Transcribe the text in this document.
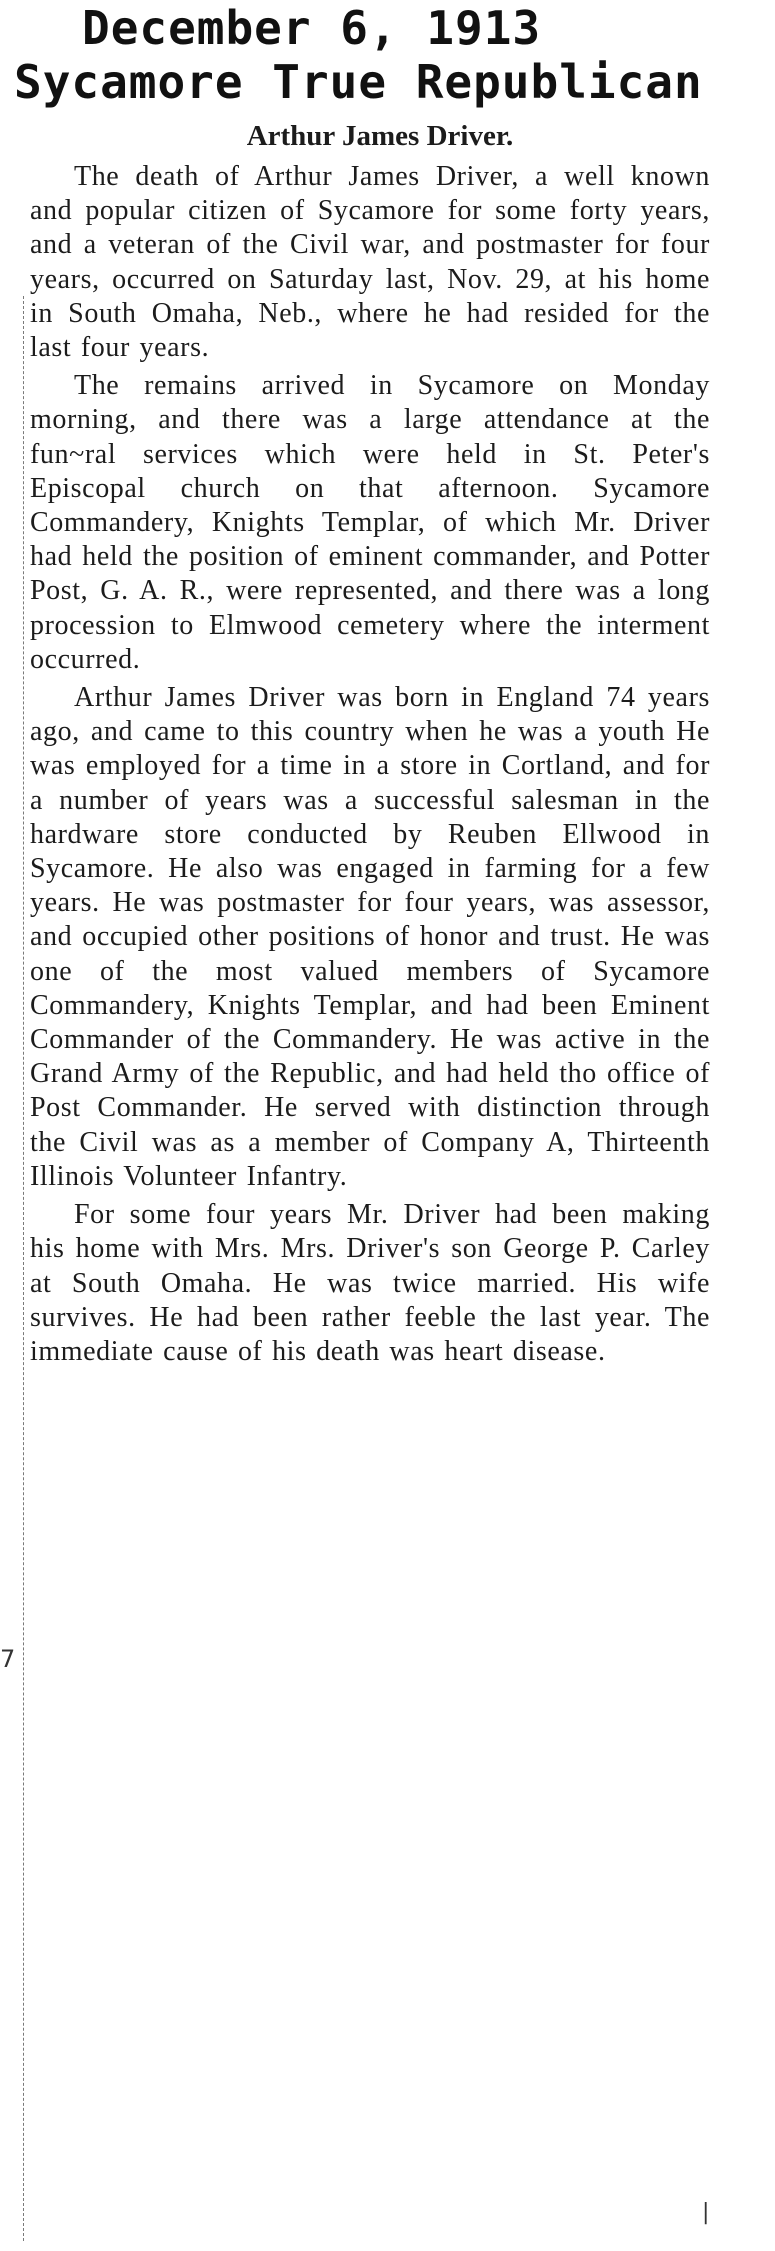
December 6, 1913
Sycamore True Republican
7
|
Arthur James Driver.

The death of Arthur James Driver, a well known and popular citizen of Sycamore for some forty years, and a veteran of the Civil war, and postmaster for four years, occurred on Saturday last, Nov. 29, at his home in South Omaha, Neb., where he had resided for the last four years.

The remains arrived in Sycamore on Monday morning, and there was a large attendance at the fun~ral services which were held in St. Peter's Episcopal church on that afternoon. Sycamore Commandery, Knights Templar, of which Mr. Driver had held the position of eminent commander, and Potter Post, G. A. R., were represented, and there was a long procession to Elmwood cemetery where the interment occurred.

Arthur James Driver was born in England 74 years ago, and came to this country when he was a youth He was employed for a time in a store in Cortland, and for a number of years was a successful salesman in the hardware store conducted by Reuben Ellwood in Sycamore. He also was engaged in farming for a few years. He was postmaster for four years, was assessor, and occupied other positions of honor and trust. He was one of the most valued members of Sycamore Commandery, Knights Templar, and had been Eminent Commander of the Commandery. He was active in the Grand Army of the Republic, and had held tho office of Post Commander. He served with distinction through the Civil was as a member of Company A, Thirteenth Illinois Volunteer Infantry.

For some four years Mr. Driver had been making his home with Mrs. Mrs. Driver's son George P. Carley at South Omaha. He was twice married. His wife survives. He had been rather feeble the last year. The immediate cause of his death was heart disease.
